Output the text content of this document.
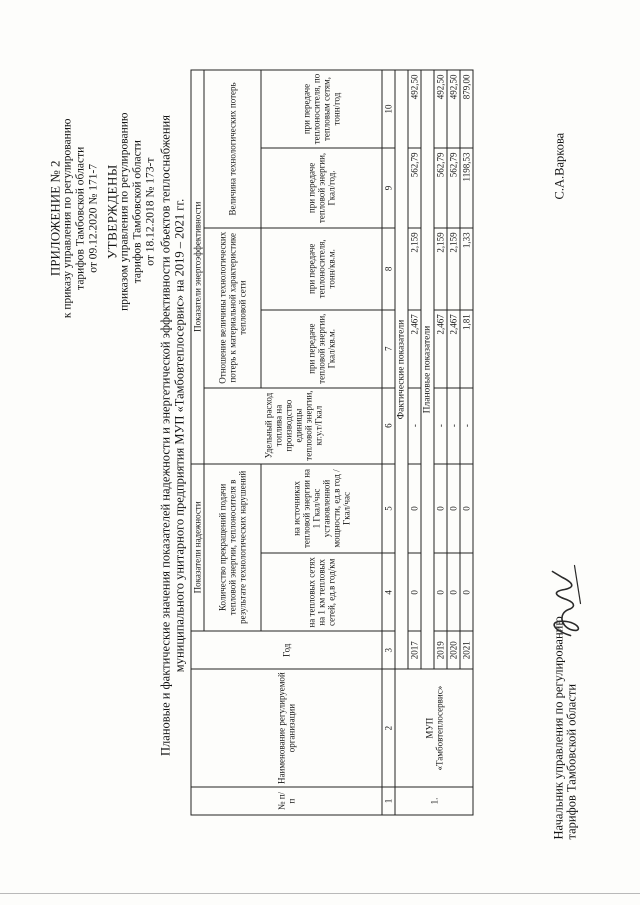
ПРИЛОЖЕНИЕ № 2 к приказу управления по регулированию тарифов Тамбовской области от 09.12.2020 № 171-7 УТВЕРЖДЕНЫ приказом управления по регулированию тарифов Тамбовской области от 18.12.2018 № 173-т Плановые и фактические значения показателей надежности и энергетической эффективности объектов теплоснабжения муниципального унитарного предприятия МУП «Тамбовтеплосервис» на 2019 – 2021 гг.
№ п/п	Наименование регулируемой организации	Год	Показатели надежности		Показатели энергоэффективности				
			Количество прекращений подачи тепловой энергии, теплоносителя в результате технологических нарушений		Удельный расход топлива на производство единицы тепловой энергии, кг.у.т/Гкал	Отношение величины технологических потерь к материальной характеристике тепловой сети		Величина технологических потерь	
			на тепловых сетях на 1 км тепловых сетей, ед.в год/км	на источниках тепловой энергии на 1 Гкал/час установленной мощности, ед.в год /Гкал/час		при передаче тепловой энергии, Гкал/кв.м.	при передаче теплоносителя, тонн/кв.м.	при передаче тепловой энергии, Гкал/год.	при передаче теплоносителя, по тепловым сетям, тонн/год
1	2	3	4	5	6	7	8	9	10
1.	МУП «Тамбовтеплосервис»	Фактические показатели							
		2017	0	0	-	2,467	2,159	562,79	492,50
		Плановые показатели							
		2019	0	0	-	2,467	2,159	562,79	492,50
		2020	0	0	-	2,467	2,159	562,79	492,50
		2021	0	0	-	1,81	1,33	1198,53	879,00
Начальник управления по регулированию тарифов Тамбовской области
С.А.Варкова
